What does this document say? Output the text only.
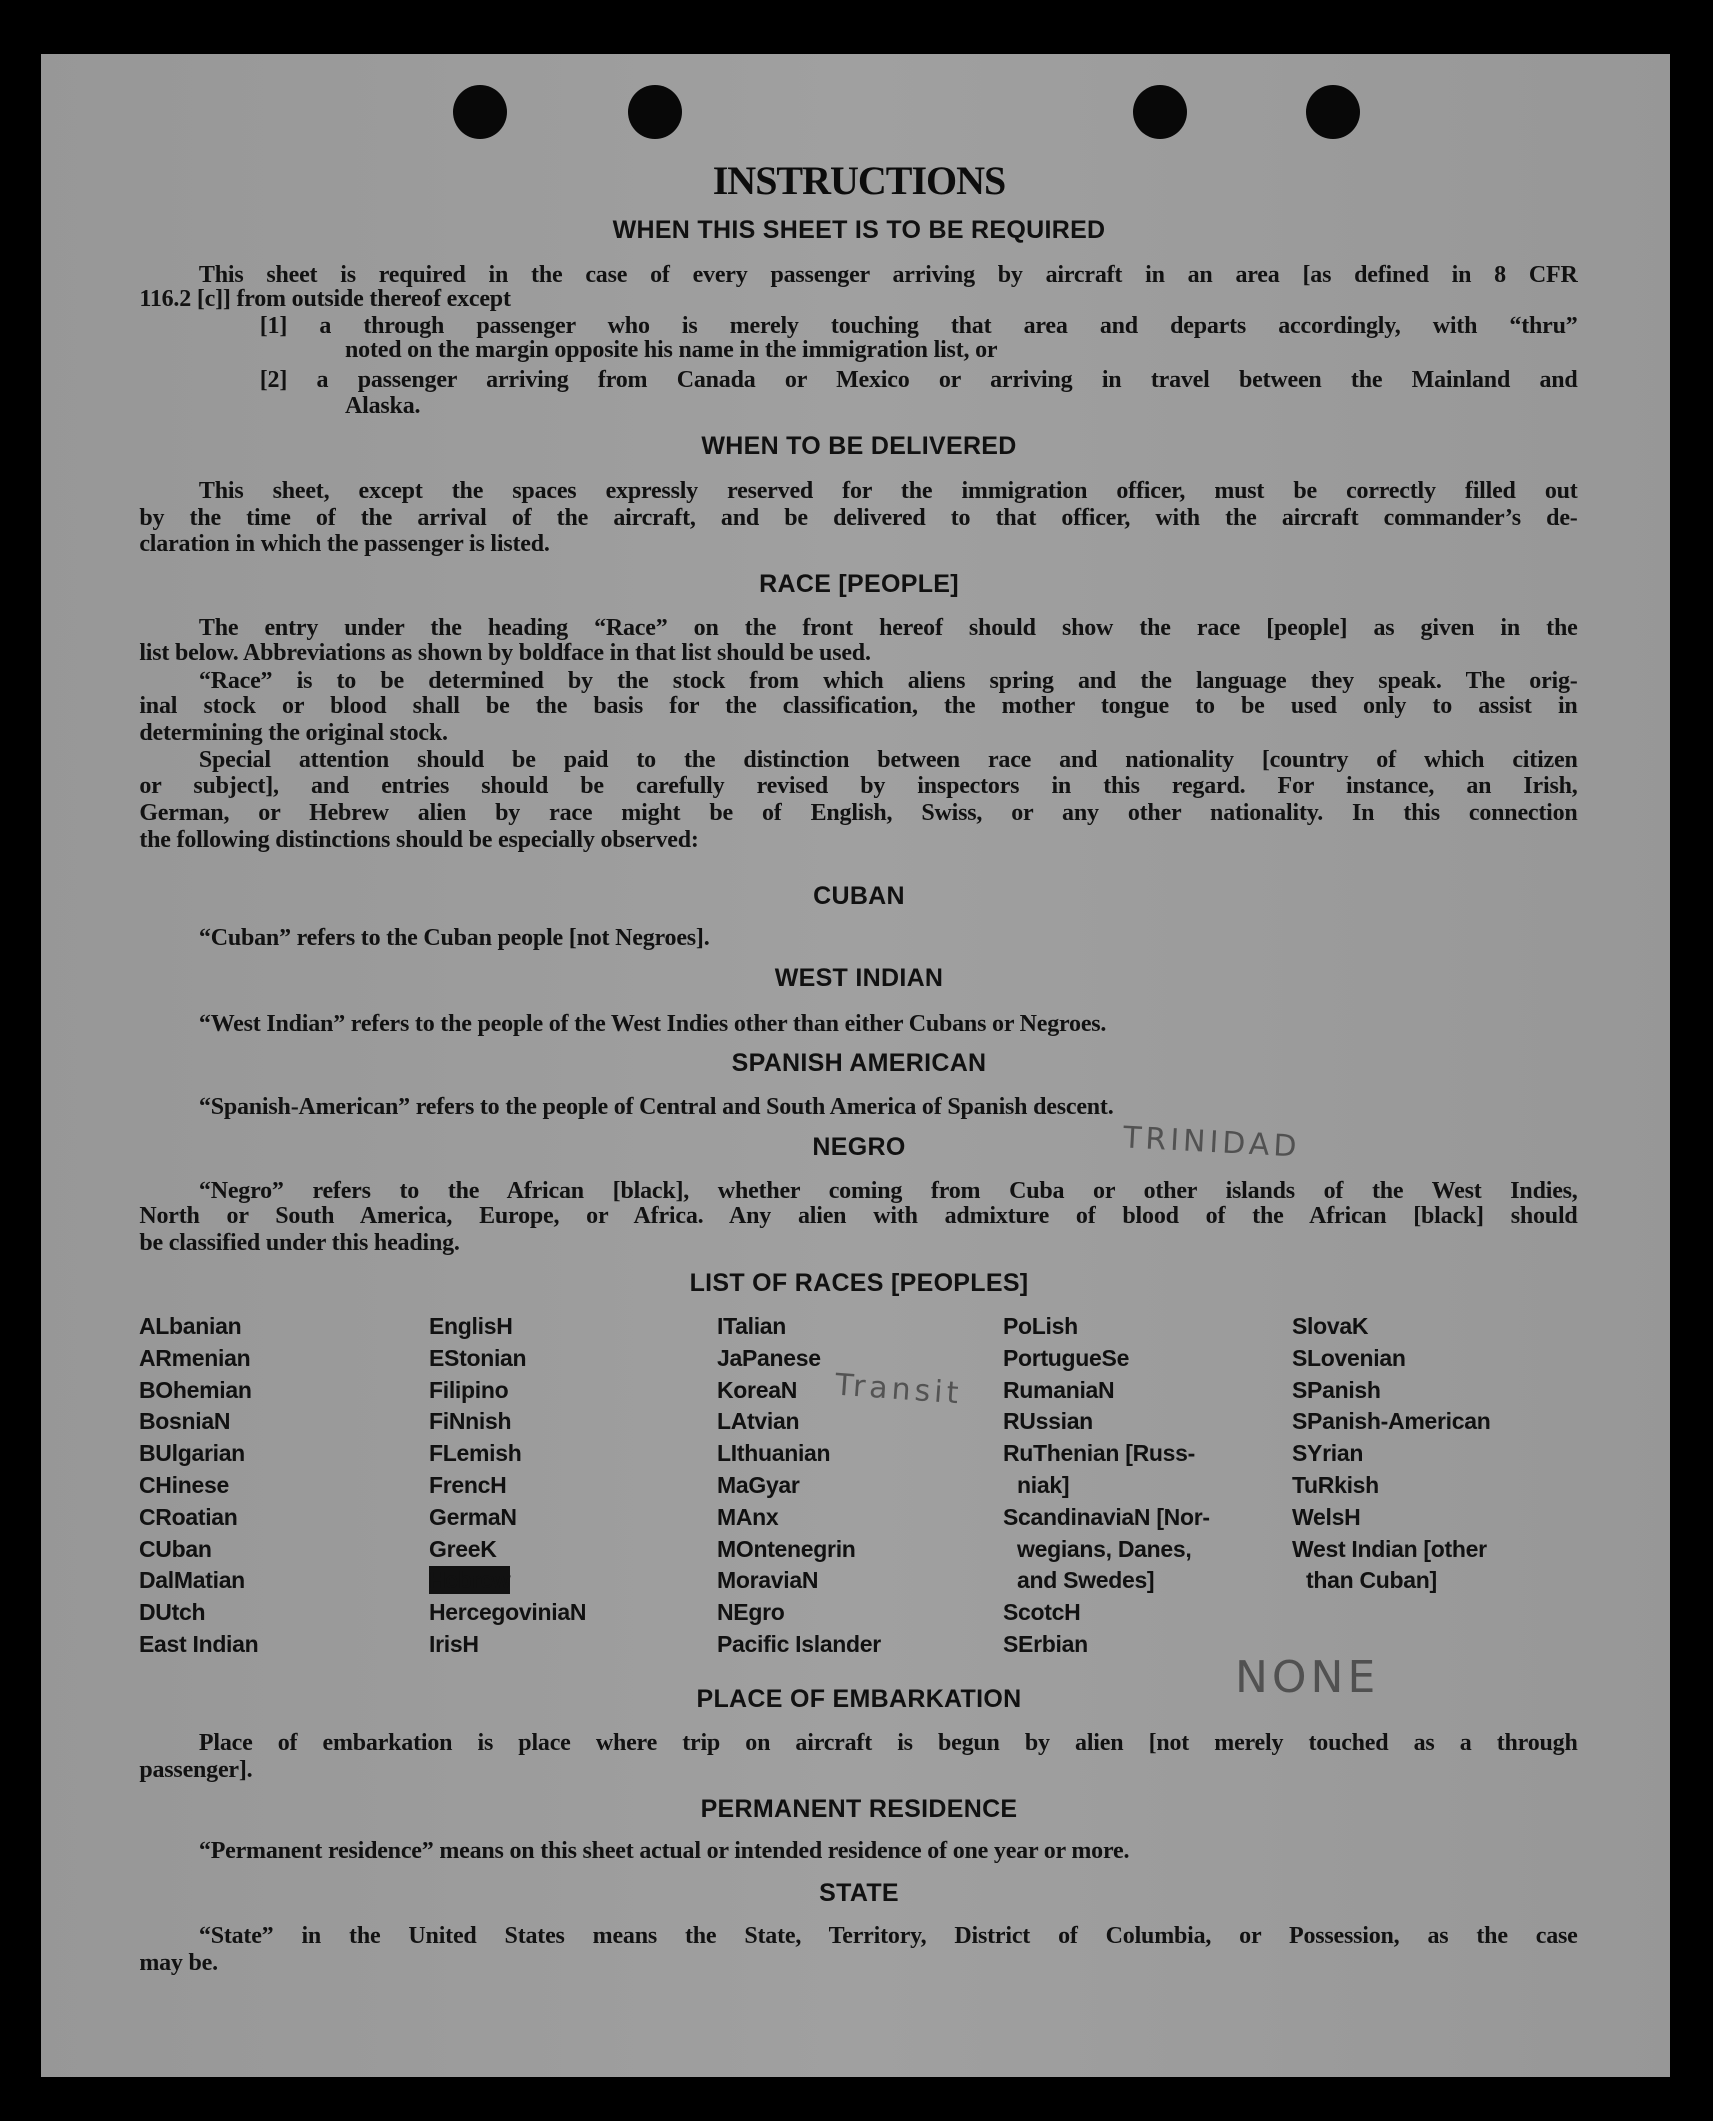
INSTRUCTIONS
WHEN THIS SHEET IS TO BE REQUIRED
This sheet is required in the case of every passenger arriving by aircraft in an area [as defined in 8 CFR
116.2 [c]] from outside thereof except
[1] a through passenger who is merely touching that area and departs accordingly, with “thru”
noted on the margin opposite his name in the immigration list, or
[2] a passenger arriving from Canada or Mexico or arriving in travel between the Mainland and
Alaska.
WHEN TO BE DELIVERED
This sheet, except the spaces expressly reserved for the immigration officer, must be correctly filled out
by the time of the arrival of the aircraft, and be delivered to that officer, with the aircraft commander’s de-
claration in which the passenger is listed.
RACE [PEOPLE]
The entry under the heading “Race” on the front hereof should show the race [people] as given in the
list below. Abbreviations as shown by boldface in that list should be used.
“Race” is to be determined by the stock from which aliens spring and the language they speak. The orig-
inal stock or blood shall be the basis for the classification, the mother tongue to be used only to assist in
determining the original stock.
Special attention should be paid to the distinction between race and nationality [country of which citizen
or subject], and entries should be carefully revised by inspectors in this regard. For instance, an Irish,
German, or Hebrew alien by race might be of English, Swiss, or any other nationality. In this connection
the following distinctions should be especially observed:
CUBAN
“Cuban” refers to the Cuban people [not Negroes].
WEST INDIAN
“West Indian” refers to the people of the West Indies other than either Cubans or Negroes.
SPANISH AMERICAN
“Spanish-American” refers to the people of Central and South America of Spanish descent.
NEGRO
“Negro” refers to the African [black], whether coming from Cuba or other islands of the West Indies,
North or South America, Europe, or Africa. Any alien with admixture of blood of the African [black] should
be classified under this heading.
LIST OF RACES [PEOPLES]
ALbanian
ARmenian
BOhemian
BosniaN
BUlgarian
CHinese
CRoatian
CUban
DalMatian
DUtch
East Indian
EnglisH
EStonian
Filipino
FiNnish
FLemish
FrencH
GermaN
GreeK
Hebrew
HercegoviniaN
IrisH
ITalian
JaPanese
KoreaN
LAtvian
LIthuanian
MaGyar
MAnx
MOntenegrin
MoraviaN
NEgro
Pacific Islander
PoLish
PortugueSe
RumaniaN
RUssian
RuThenian [Russ-
niak]
ScandinaviaN [Nor-
wegians, Danes,
and Swedes]
ScotcH
SErbian
SlovaK
SLovenian
SPanish
SPanish-American
SYrian
TuRkish
WelsH
West Indian [other
than Cuban]
PLACE OF EMBARKATION
Place of embarkation is place where trip on aircraft is begun by alien [not merely touched as a through
passenger].
PERMANENT RESIDENCE
“Permanent residence” means on this sheet actual or intended residence of one year or more.
STATE
“State” in the United States means the State, Territory, District of Columbia, or Possession, as the case
may be.
TRINIDAD
NONE
Transit
